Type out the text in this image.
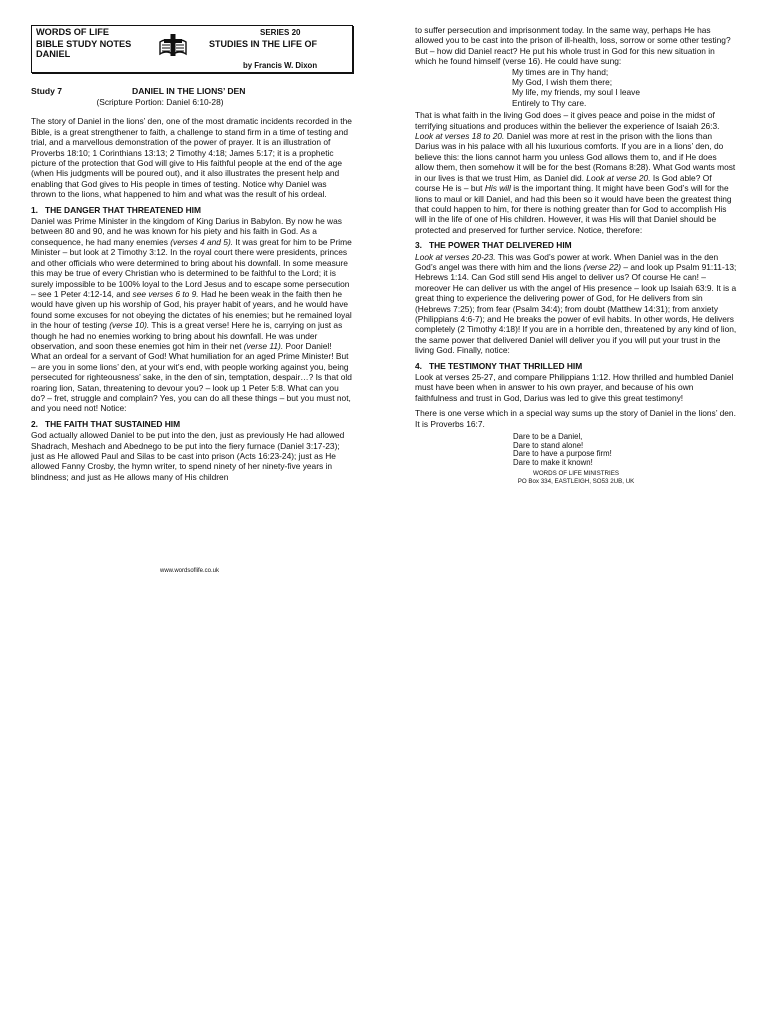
WORDS OF LIFE
BIBLE STUDY NOTES
DANIEL
SERIES 20
STUDIES IN THE LIFE OF
by Francis W. Dixon
Study 7	DANIEL IN THE LIONS’ DEN
(Scripture Portion: Daniel 6:10-28)

The story of Daniel in the lions’ den, one of the most dramatic incidents recorded in the Bible, is a great strengthener to faith, a challenge to stand firm in a time of testing and trial, and a marvellous demonstration of the power of prayer. It is an illustration of Proverbs 18:10; 1 Corinthians 13:13; 2 Timothy 4:18; James 5:17; it is a prophetic picture of the protection that God will give to His faithful people at the end of the age (when His judgments will be poured out), and it also illustrates the present help and enabling that God gives to His people in times of testing. Notice why Daniel was thrown to the lions, what happened to him and what was the result of his ordeal.

1.   THE DANGER THAT THREATENED HIM

Daniel was Prime Minister in the kingdom of King Darius in Babylon. By now he was between 80 and 90, and he was known for his piety and his faith in God. As a consequence, he had many enemies (verses 4 and 5). It was great for him to be Prime Minister – but look at 2 Timothy 3:12. In the royal court there were presidents, princes and other officials who were determined to bring about his downfall. In some measure this may be true of every Christian who is determined to be faithful to the Lord; it is surely impossible to be 100% loyal to the Lord Jesus and to escape some persecution – see 1 Peter 4:12-14, and see verses 6 to 9. Had he been weak in the faith then he would have given up his worship of God, his prayer habit of years, and he would have found some excuses for not obeying the dictates of his enemies; but he remained loyal in the hour of testing (verse 10). This is a great verse! Here he is, carrying on just as though he had no enemies working to bring about his downfall. He was under observation, and soon these enemies got him in their net (verse 11). Poor Daniel! What an ordeal for a servant of God! What humiliation for an aged Prime Minister! But – are you in some lions’ den, at your wit’s end, with people working against you, being persecuted for righteousness’ sake, in the den of sin, temptation, despair…? Is that old roaring lion, Satan, threatening to devour you? – look up 1 Peter 5:8. What can you do? – fret, struggle and complain? Yes, you can do all these things – but you must not, and you need not! Notice:

2.   THE FAITH THAT SUSTAINED HIM

God actually allowed Daniel to be put into the den, just as previously He had allowed Shadrach, Meshach and Abednego to be put into the fiery furnace (Daniel 3:17-23); just as He allowed Paul and Silas to be cast into prison (Acts 16:23-24); just as He allowed Fanny Crosby, the hymn writer, to spend ninety of her ninety-five years in blindness; and just as He allows many of His children

to suffer persecution and imprisonment today. In the same way, perhaps He has allowed you to be cast into the prison of ill-health, loss, sorrow or some other testing? But – how did Daniel react? He put his whole trust in God for this new situation in which he found himself (verse 16). He could have sung:

My times are in Thy hand;
My God, I wish them there;
My life, my friends, my soul I leave
Entirely to Thy care.

That is what faith in the living God does – it gives peace and poise in the midst of terrifying situations and produces within the believer the experience of Isaiah 26:3. Look at verses 18 to 20. Daniel was more at rest in the prison with the lions than Darius was in his palace with all his luxurious comforts. If you are in a lions’ den, do believe this: the lions cannot harm you unless God allows them to, and if He does allow them, then somehow it will be for the best (Romans 8:28). What God wants most in our lives is that we trust Him, as Daniel did. Look at verse 20. Is God able? Of course He is – but His will is the important thing. It might have been God’s will for the lions to maul or kill Daniel, and had this been so it would have been the greatest thing that could happen to him, for there is nothing greater than for God to accomplish His will in the life of one of His children. However, it was His will that Daniel should be protected and preserved for further service. Notice, therefore:

3.   THE POWER THAT DELIVERED HIM

Look at verses 20-23. This was God’s power at work. When Daniel was in the den God’s angel was there with him and the lions (verse 22) – and look up Psalm 91:11-13; Hebrews 1:14. Can God still send His angel to deliver us? Of course He can! – moreover He can deliver us with the angel of His presence – look up Isaiah 63:9. It is a great thing to experience the delivering power of God, for He delivers from sin (Hebrews 7:25); from fear (Psalm 34:4); from doubt (Matthew 14:31); from anxiety (Philippians 4:6-7); and He breaks the power of evil habits. In other words, He delivers completely (2 Timothy 4:18)! If you are in a horrible den, threatened by any kind of lion, the same power that delivered Daniel will deliver you if you will put your trust in the living God. Finally, notice:

4.   THE TESTIMONY THAT THRILLED HIM

Look at verses 25-27, and compare Philippians 1:12. How thrilled and humbled Daniel must have been when in answer to his own prayer, and because of his own faithfulness and trust in God, Darius was led to give this great testimony!

There is one verse which in a special way sums up the story of Daniel in the lions’ den. It is Proverbs 16:7.

Dare to be a Daniel,
Dare to stand alone!
Dare to have a purpose firm!
Dare to make it known!
WORDS OF LIFE MINISTRIES
PO Box 334, EASTLEIGH, SO53 2UB, UK
www.wordsoflife.co.uk
